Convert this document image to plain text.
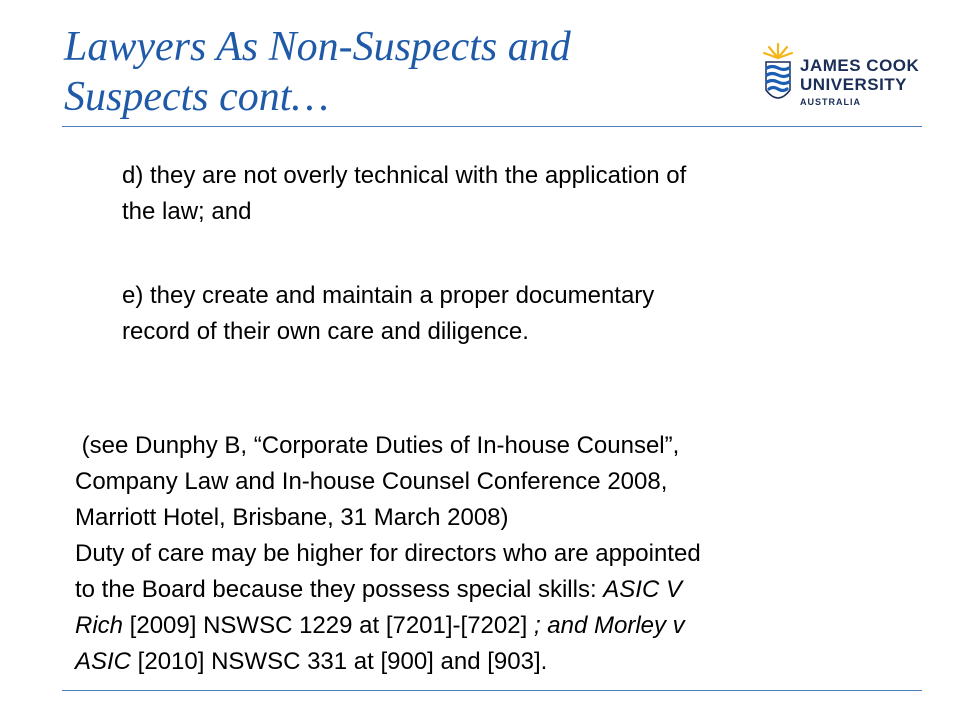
Lawyers As Non-Suspects and
Suspects cont…
JAMES COOK
UNIVERSITY
AUSTRALIA

d) they are not overly technical with the application of
the law; and

e) they create and maintain a proper documentary
record of their own care and diligence.

(see Dunphy B, “Corporate Duties of In-house Counsel”,
Company Law and In-house Counsel Conference 2008,
Marriott Hotel, Brisbane, 31 March 2008)

Duty of care may be higher for directors who are appointed
to the Board because they possess special skills: ASIC V
Rich [2009] NSWSC 1229 at [7201]-[7202] ; and Morley v
ASIC [2010] NSWSC 331 at [900] and [903].
